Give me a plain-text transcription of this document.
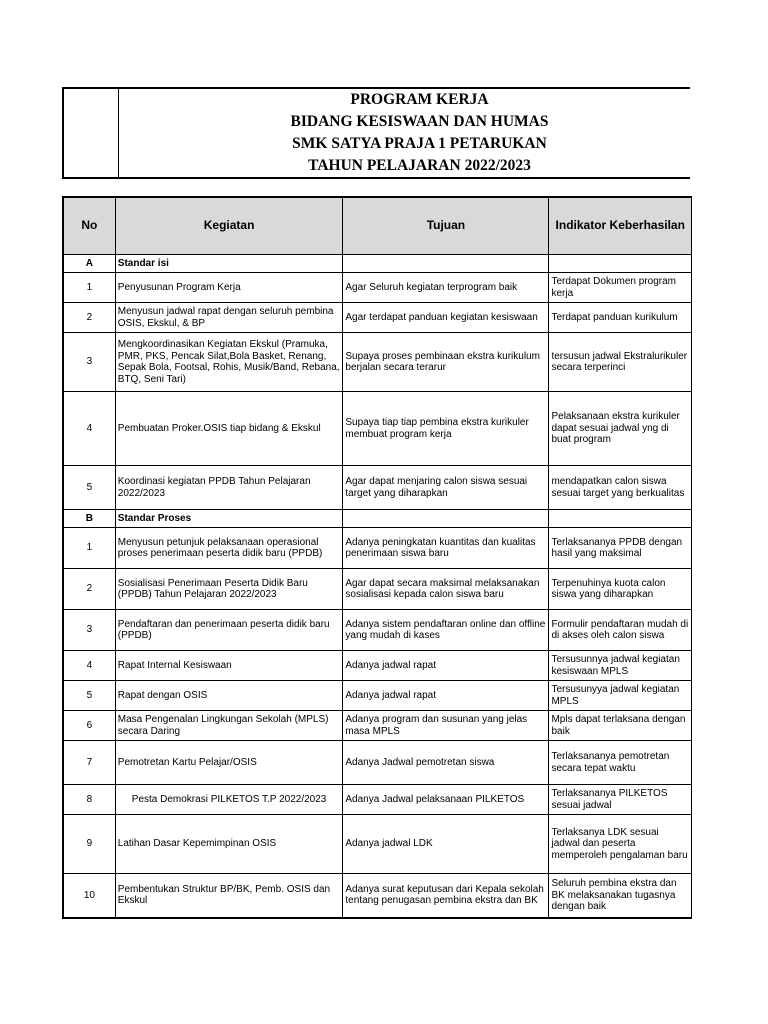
PROGRAM KERJA
BIDANG KESISWAAN DAN HUMAS
SMK SATYA PRAJA 1 PETARUKAN
TAHUN PELAJARAN 2022/2023
No	Kegiatan	Tujuan	Indikator Keberhasilan
A	Standar isi		
1	Penyusunan Program Kerja	Agar Seluruh kegiatan terprogram baik	Terdapat Dokumen program kerja
2	Menyusun jadwal rapat dengan seluruh pembina OSIS, Ekskul, & BP	Agar terdapat panduan kegiatan kesiswaan	Terdapat panduan kurikulum
3	Mengkoordinasikan Kegiatan Ekskul (Pramuka, PMR, PKS, Pencak Silat,Bola Basket, Renang, Sepak Bola, Footsal, Rohis, Musik/Band, Rebana, BTQ, Seni Tari)	Supaya proses pembinaan ekstra kurikulum berjalan secara terarur	tersusun jadwal Ekstralurikuler secara terperinci
4	Pembuatan Proker.OSIS tiap bidang & Ekskul	Supaya tiap tiap pembina ekstra kurikuler membuat program kerja	Pelaksanaan ekstra kurikuler dapat sesuai jadwal yng di buat program
5	Koordinasi kegiatan PPDB Tahun Pelajaran 2022/2023	Agar dapat menjaring calon siswa sesuai target yang diharapkan	mendapatkan calon siswa sesuai target yang berkualitas
B	Standar Proses		
1	Menyusun petunjuk pelaksanaan operasional proses penerimaan peserta didik baru (PPDB)	Adanya peningkatan kuantitas dan kualitas penerimaan siswa baru	Terlaksananya PPDB dengan hasil yang maksimal
2	Sosialisasi Penerimaan Peserta Didik Baru (PPDB) Tahun Pelajaran 2022/2023	Agar dapat secara maksimal melaksanakan sosialisasi kepada calon siswa baru	Terpenuhinya kuota calon siswa yang diharapkan
3	Pendaftaran dan penerimaan peserta didik baru (PPDB)	Adanya sistem pendaftaran online dan offline yang mudah di kases	Formulir pendaftaran mudah di di akses oleh calon siswa
4	Rapat Internal Kesiswaan	Adanya jadwal rapat	Tersusunnya jadwal kegiatan kesiswaan MPLS
5	Rapat dengan OSIS	Adanya jadwal rapat	Tersusunyya jadwal kegiatan MPLS
6	Masa Pengenalan Lingkungan Sekolah (MPLS) secara Daring	Adanya program dan susunan yang jelas masa MPLS	Mpls dapat terlaksana dengan baik
7	Pemotretan Kartu Pelajar/OSIS	Adanya Jadwal pemotretan siswa	Terlaksananya pemotretan secara tepat waktu
8	Pesta Demokrasi PILKETOS T.P 2022/2023	Adanya Jadwal pelaksanaan PILKETOS	Terlaksananya PILKETOS sesuai jadwal
9	Latihan Dasar Kepemimpinan OSIS	Adanya jadwal LDK	Terlaksanya LDK sesuai jadwal dan peserta memperoleh pengalaman baru
10	Pembentukan Struktur BP/BK, Pemb. OSIS dan Ekskul	Adanya surat keputusan dari Kepala sekolah tentang penugasan pembina ekstra dan BK	Seluruh pembina ekstra dan BK melaksanakan tugasnya dengan baik
